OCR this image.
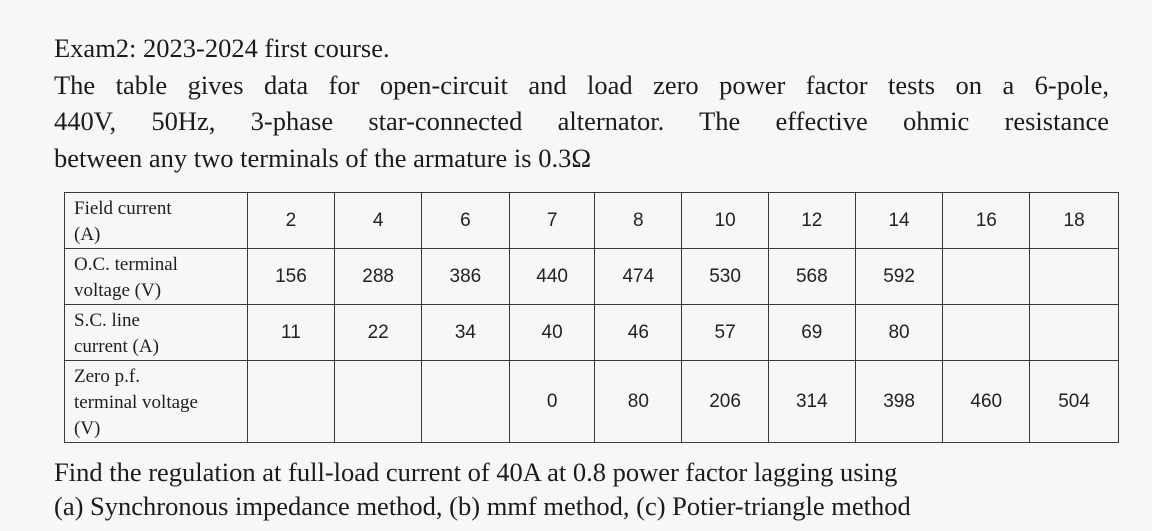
Exam2: 2023-2024 first course.
The table gives data for open-circuit and load zero power factor tests on a 6-pole,
440V, 50Hz, 3-phase star-connected alternator. The effective ohmic resistance
between any two terminals of the armature is 0.3Ω
Field current
(A)	2	4	6	7	8	10	12	14	16	18

O.C. terminal
voltage (V)	156	288	386	440	474	530	568	592		

S.C. line
current (A)	11	22	34	40	46	57	69	80		

Zero p.f.
terminal voltage
(V)				0	80	206	314	398	460	504
Find the regulation at full-load current of 40A at 0.8 power factor lagging using
(a) Synchronous impedance method, (b) mmf method, (c) Potier-triangle method
